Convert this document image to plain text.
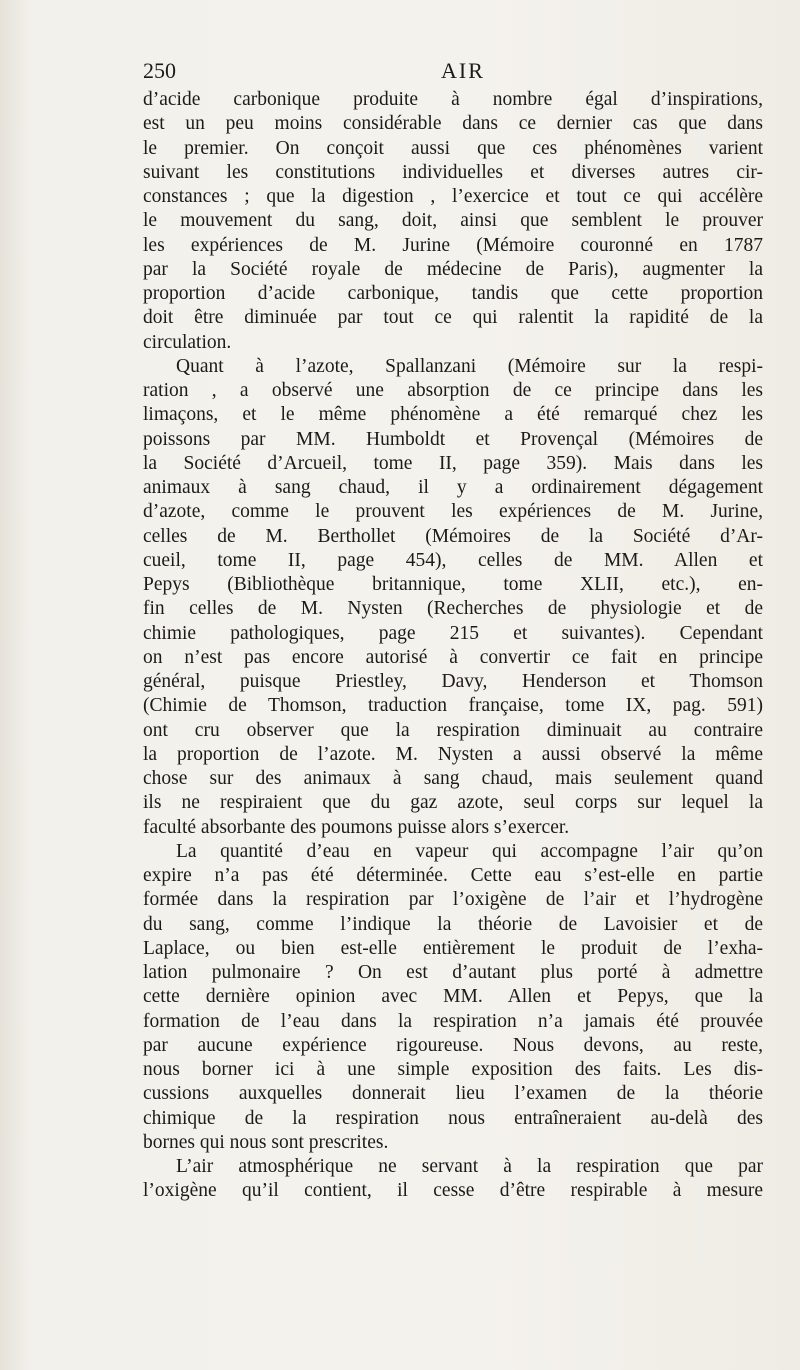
250	AIR
d’acide carbonique produite à nombre égal d’inspirations,
est un peu moins considérable dans ce dernier cas que dans
le premier. On conçoit aussi que ces phénomènes varient
suivant les constitutions individuelles et diverses autres cir-
constances ; que la digestion , l’exercice et tout ce qui accélère
le mouvement du sang, doit, ainsi que semblent le prouver
les expériences de M. Jurine (Mémoire couronné en 1787
par la Société royale de médecine de Paris), augmenter la
proportion d’acide carbonique, tandis que cette proportion
doit être diminuée par tout ce qui ralentit la rapidité de la
circulation.
Quant à l’azote, Spallanzani (Mémoire sur la respi-
ration , a observé une absorption de ce principe dans les
limaçons, et le même phénomène a été remarqué chez les
poissons par MM. Humboldt et Provençal (Mémoires de
la Société d’Arcueil, tome II, page 359). Mais dans les
animaux à sang chaud, il y a ordinairement dégagement
d’azote, comme le prouvent les expériences de M. Jurine,
celles de M. Berthollet (Mémoires de la Société d’Ar-
cueil, tome II, page 454), celles de MM. Allen et
Pepys (Bibliothèque britannique, tome XLII, etc.), en-
fin celles de M. Nysten (Recherches de physiologie et de
chimie pathologiques, page 215 et suivantes). Cependant
on n’est pas encore autorisé à convertir ce fait en principe
général, puisque Priestley, Davy, Henderson et Thomson
(Chimie de Thomson, traduction française, tome IX, pag. 591)
ont cru observer que la respiration diminuait au contraire
la proportion de l’azote. M. Nysten a aussi observé la même
chose sur des animaux à sang chaud, mais seulement quand
ils ne respiraient que du gaz azote, seul corps sur lequel la
faculté absorbante des poumons puisse alors s’exercer.
La quantité d’eau en vapeur qui accompagne l’air qu’on
expire n’a pas été déterminée. Cette eau s’est-elle en partie
formée dans la respiration par l’oxigène de l’air et l’hydrogène
du sang, comme l’indique la théorie de Lavoisier et de
Laplace, ou bien est-elle entièrement le produit de l’exha-
lation pulmonaire ? On est d’autant plus porté à admettre
cette dernière opinion avec MM. Allen et Pepys, que la
formation de l’eau dans la respiration n’a jamais été prouvée
par aucune expérience rigoureuse. Nous devons, au reste,
nous borner ici à une simple exposition des faits. Les dis-
cussions auxquelles donnerait lieu l’examen de la théorie
chimique de la respiration nous entraîneraient au-delà des
bornes qui nous sont prescrites.
L’air atmosphérique ne servant à la respiration que par
l’oxigène qu’il contient, il cesse d’être respirable à mesure
